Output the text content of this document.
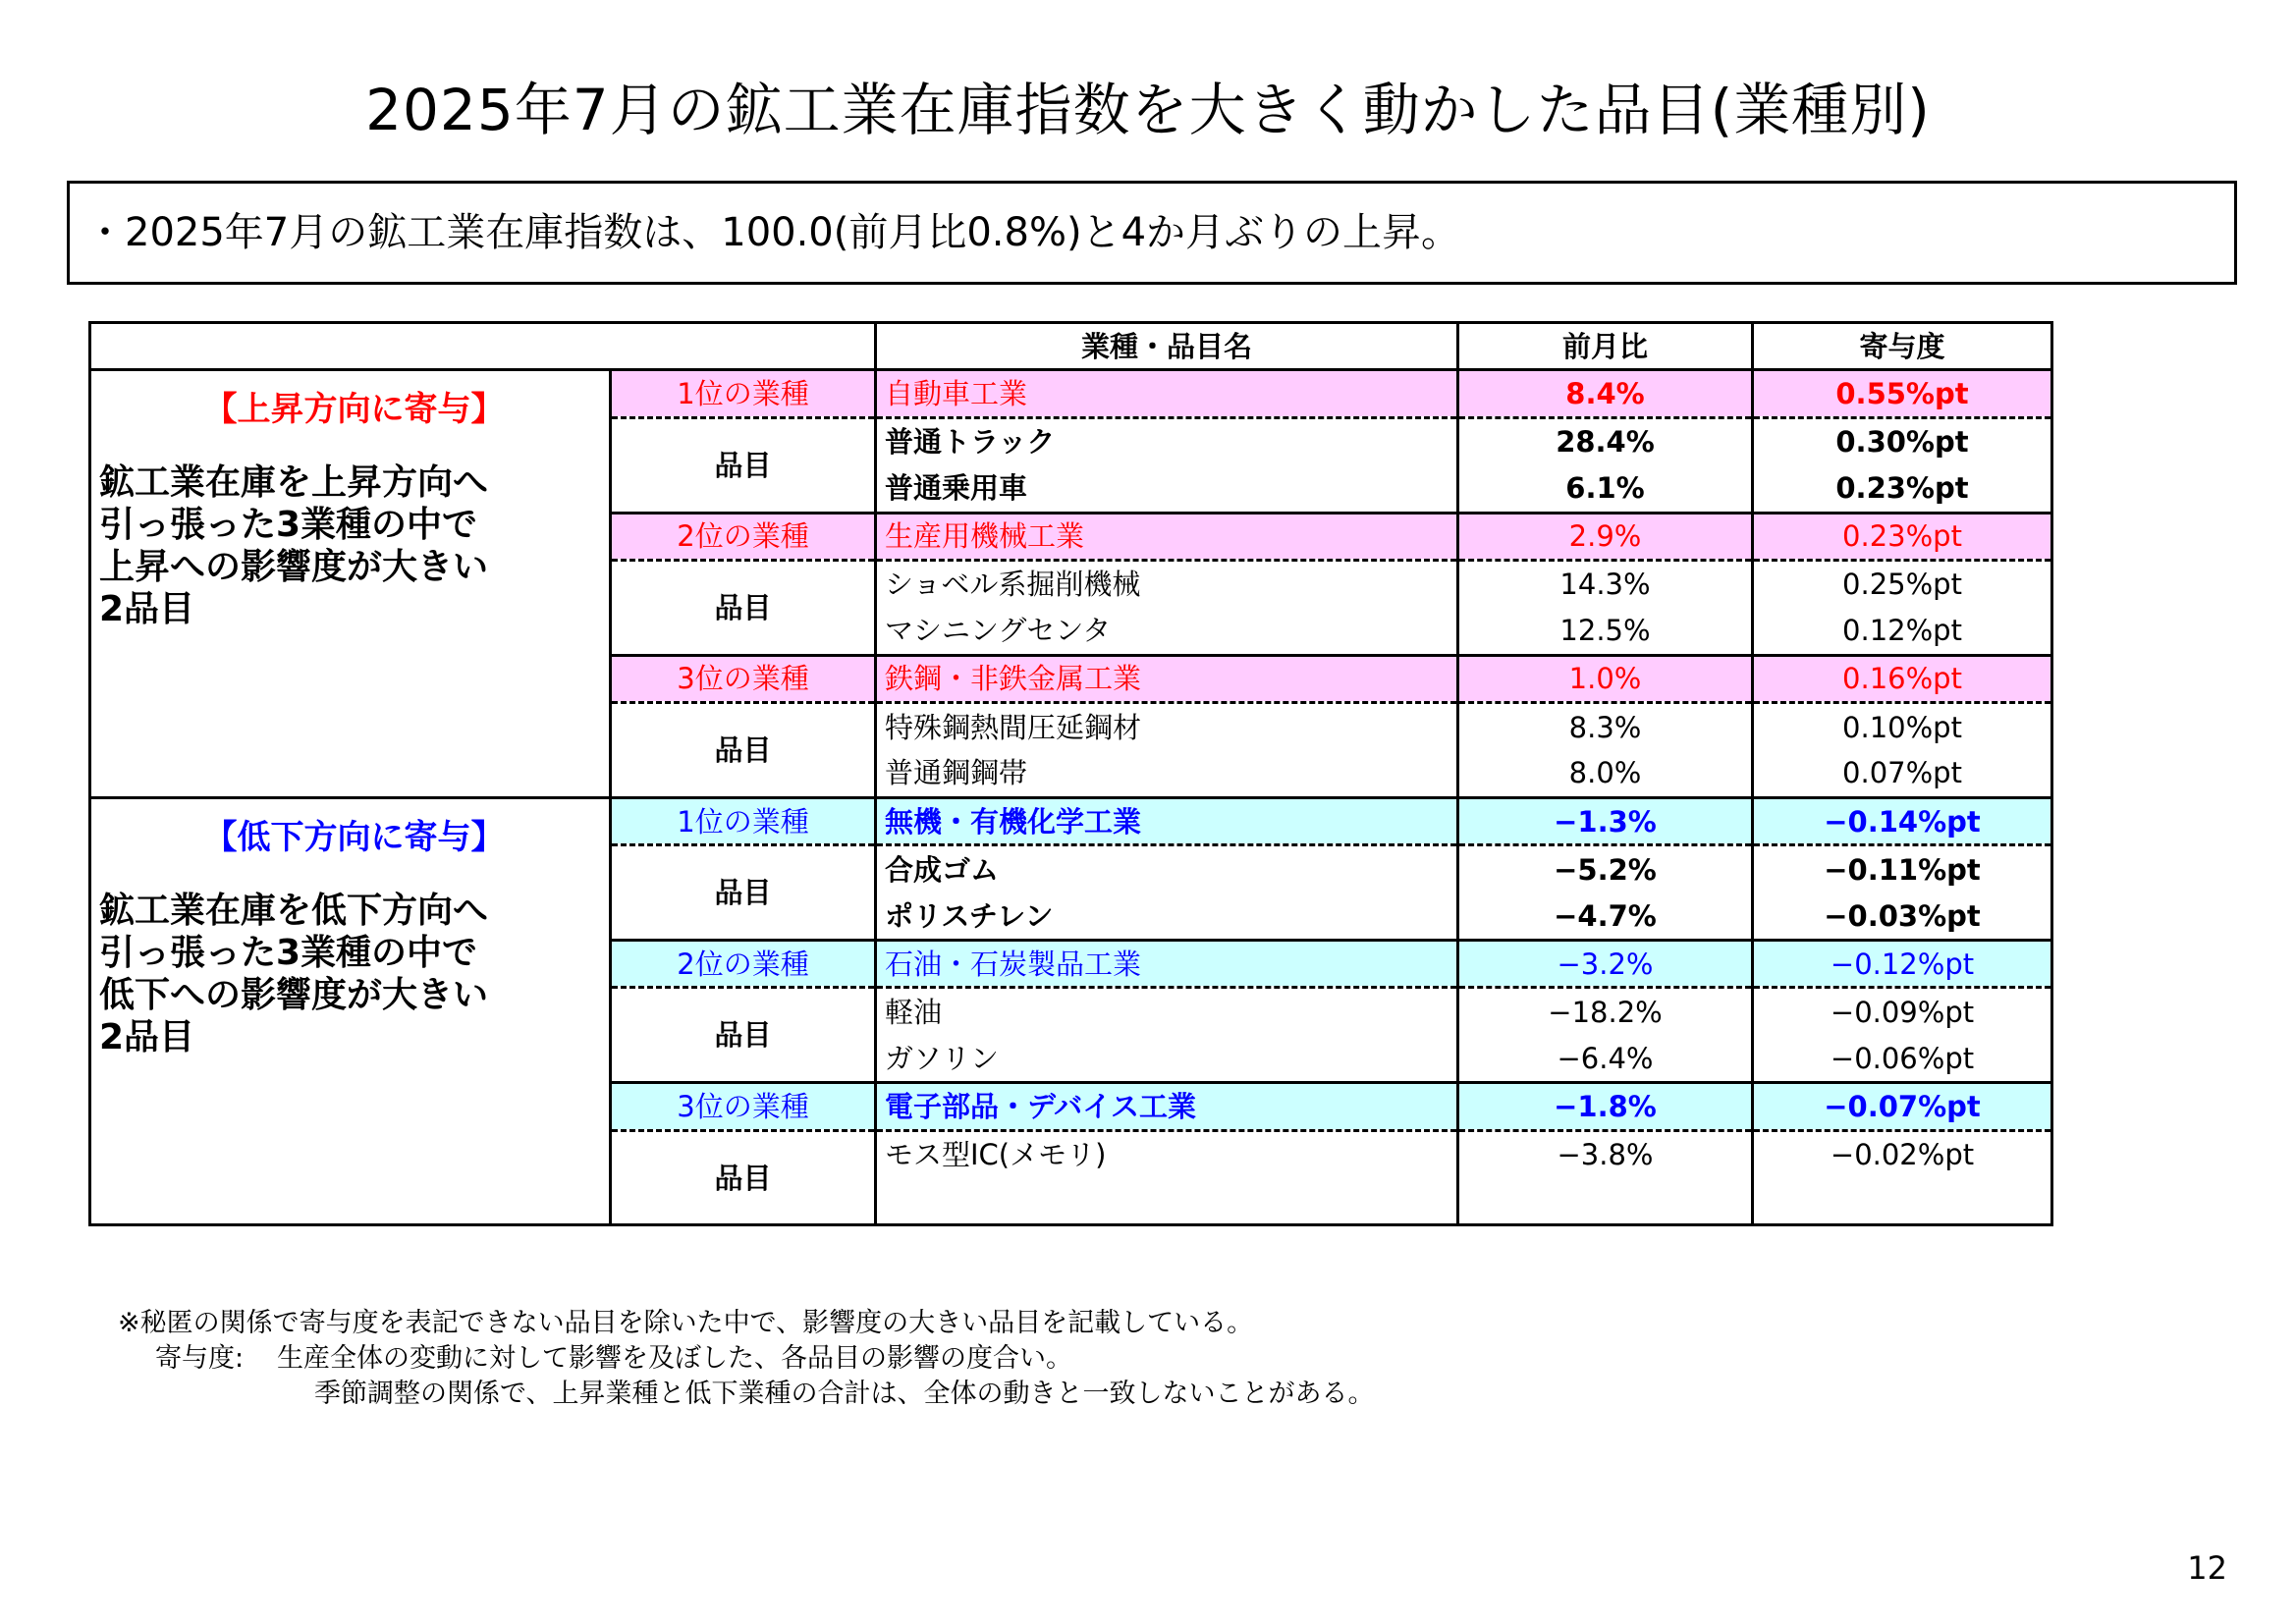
2025年7月の鉱工業在庫指数を大きく動かした品目(業種別)
・2025年7月の鉱工業在庫指数は、100.0(前月比0.8%)と4か月ぶりの上昇。
		業種・品目名	前月比	寄与度

【上昇方向に寄与】
鉱工業在庫を上昇方向へ
引っ張った3業種の中で
上昇への影響度が大きい
2品目	1位の業種	自動車工業	8.4%	0.55%pt
	品目	普通トラック	28.4%	0.30%pt
		普通乗用車	6.1%	0.23%pt
	2位の業種	生産用機械工業	2.9%	0.23%pt
	品目	ショベル系掘削機械	14.3%	0.25%pt
		マシニングセンタ	12.5%	0.12%pt
	3位の業種	鉄鋼・非鉄金属工業	1.0%	0.16%pt
	品目	特殊鋼熱間圧延鋼材	8.3%	0.10%pt
		普通鋼鋼帯	8.0%	0.07%pt

【低下方向に寄与】
鉱工業在庫を低下方向へ
引っ張った3業種の中で
低下への影響度が大きい
2品目	1位の業種	無機・有機化学工業	−1.3%	−0.14%pt
	品目	合成ゴム	−5.2%	−0.11%pt
		ポリスチレン	−4.7%	−0.03%pt
	2位の業種	石油・石炭製品工業	−3.2%	−0.12%pt
	品目	軽油	−18.2%	−0.09%pt
		ガソリン	−6.4%	−0.06%pt
	3位の業種	電子部品・デバイス工業	−1.8%	−0.07%pt
	品目	モス型IC(メモリ)	−3.8%	−0.02%pt

※秘匿の関係で寄与度を表記できない品目を除いた中で、影響度の大きい品目を記載している。
寄与度: 生産全体の変動に対して影響を及ぼした、各品目の影響の度合い。
季節調整の関係で、上昇業種と低下業種の合計は、全体の動きと一致しないことがある。
12
